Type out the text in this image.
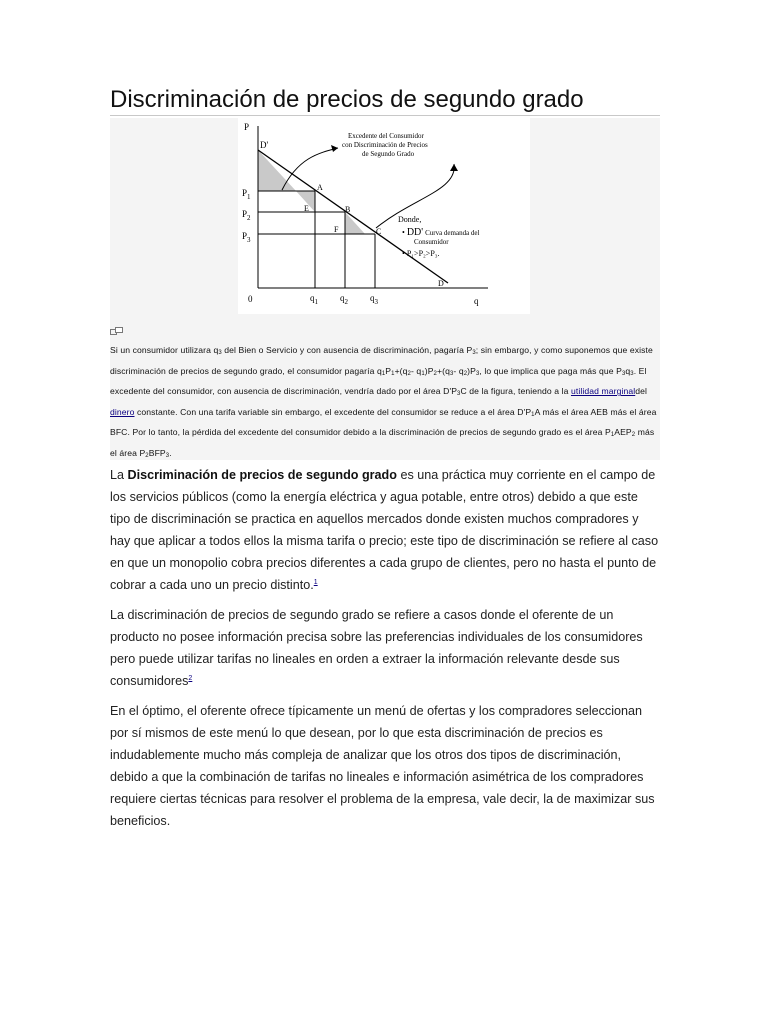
Discriminación de precios de segundo grado
P
q
0
D'
$P_1$
$P_2$
$P_3$
$q_1$ $q_2$ $q_3$
A
B
C
D
E
F
Excedente del Consumidor
con Discriminación de Precios
de Segundo Grado
Donde,
• DD' Curva demanda del
Consumidor
• P₁>P₂>P₃.
Si un consumidor utilizara $q_3$ del Bien o Servicio y con ausencia de discriminación, pagaría $P_3$; sin embargo, y como suponemos que existe discriminación de precios de segundo grado, el consumidor pagaría $q_1P_1+(q_2-$ $q_1)P_2+(q_3-$ $q_2)P_3$, lo que implica que paga más que $P_3q_3$. El excedente del consumidor, con ausencia de discriminación, vendría dado por el área $D'P_3C$ de la figura, teniendo a la utilidad marginaldel dinero constante. Con una tarifa variable sin embargo, el excedente del consumidor se reduce a el área $D'P_1A$ más el área AEB más el área BFC. Por lo tanto, la pérdida del excedente del consumidor debido a la discriminación de precios de segundo grado es el área $P_1AEP_2$ más el área $P_2BFP_3$.

La Discriminación de precios de segundo grado es una práctica muy corriente en el campo de los servicios públicos (como la energía eléctrica y agua potable, entre otros) debido a que este tipo de discriminación se practica en aquellos mercados donde existen muchos compradores y hay que aplicar a todos ellos la misma tarifa o precio; este tipo de discriminación se refiere al caso en que un monopolio cobra precios diferentes a cada grupo de clientes, pero no hasta el punto de cobrar a cada uno un precio distinto.$^1$

La discriminación de precios de segundo grado se refiere a casos donde el oferente de un producto no posee información precisa sobre las preferencias individuales de los consumidores pero puede utilizar tarifas no lineales en orden a extraer la información relevante desde sus consumidores$^2$

En el óptimo, el oferente ofrece típicamente un menú de ofertas y los compradores seleccionan por sí mismos de este menú lo que desean, por lo que esta discriminación de precios es indudablemente mucho más compleja de analizar que los otros dos tipos de discriminación, debido a que la combinación de tarifas no lineales e información asimétrica de los compradores requiere ciertas técnicas para resolver el problema de la empresa, vale decir, la de maximizar sus beneficios.
